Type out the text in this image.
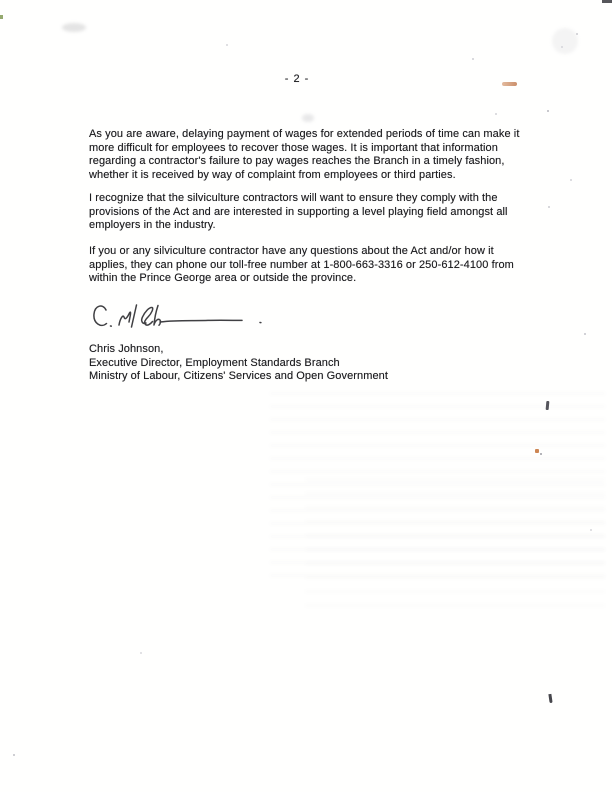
- 2 -
As you are aware, delaying payment of wages for extended periods of time can make it
more difficult for employees to recover those wages. It is important that information
regarding a contractor's failure to pay wages reaches the Branch in a timely fashion,
whether it is received by way of complaint from employees or third parties.
I recognize that the silviculture contractors will want to ensure they comply with the
provisions of the Act and are interested in supporting a level playing field amongst all
employers in the industry.
If you or any silviculture contractor have any questions about the Act and/or how it
applies, they can phone our toll-free number at 1-800-663-3316 or 250-612-4100 from
within the Prince George area or outside the province.
Chris Johnson,
Executive Director, Employment Standards Branch
Ministry of Labour, Citizens' Services and Open Government
